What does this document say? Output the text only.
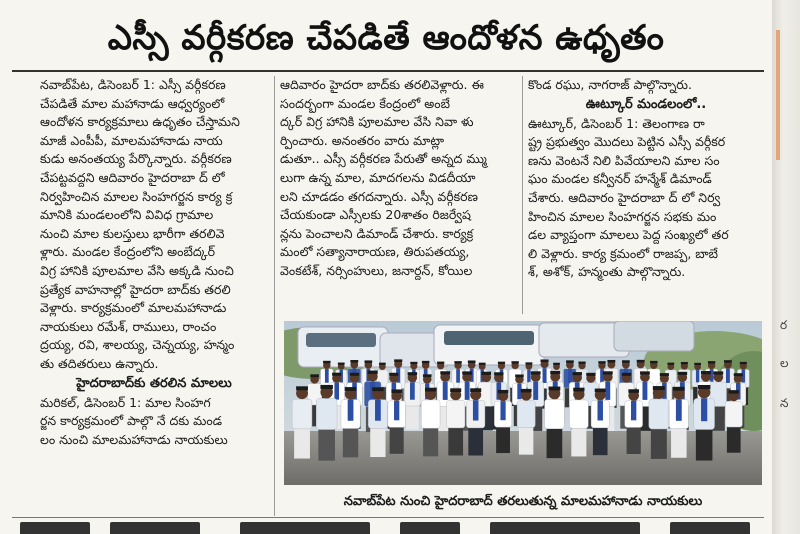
ఎస్సీ వర్గీకరణ చేపడితే ఆందోళన ఉధృతం
నవాబ్‌పేట, డిసెంబర్ 1: ఎస్సీ వర్గీకరణ
చేపడితే మాల మహానాడు ఆధ్వర్యంలో
ఆందోళన కార్యక్రమాలు ఉధృతం చేస్తామని
మాజీ ఎంపీపీ, మాలమహానాడు నాయ
కుడు అనంతయ్య పేర్కొన్నారు. వర్గీకరణ
చేపట్టవద్దని ఆదివారం హైదరాబా ద్ లో
నిర్వహించిన మాలల సింహగర్జన కార్య క్ర
మానికి మండలంలోని వివిధ గ్రామాల
నుంచి మాల కులస్తులు భారీగా తరలివె
ళ్లారు. మండల కేంద్రంలోని అంబేద్కర్
విగ్ర హానికి పూలమాల వేసి అక్కడి నుంచి
ప్రత్యేక వాహనాల్లో హైదరా బాద్‌కు తరలి
వెళ్లారు. కార్యక్రమంలో మాలమహానాడు
నాయకులు రమేశ్, రాములు, రాంచం
ద్రయ్య, రవి, శాలయ్య, చెన్నయ్య, హన్మం
తు తదితరులు ఉన్నారు.
హైదరాబాద్‌కు తరలిన మాలలు
మరికల్, డిసెంబర్ 1: మాల సింహగ
ర్జన కార్యక్రమంలో పాల్గొ నే దకు మండ
లం నుంచి మాలమహానాడు నాయకులు
ఆదివారం హైదరా బాద్‌కు తరలివెళ్లారు. ఈ
సందర్భంగా మండల కేంద్రంలో అంబే
ద్కర్ విగ్ర హానికి పూలమాల వేసి నివా ళు
ర్పించారు. అనంతరం వారు మాట్లా
డుతూ.. ఎస్సీ వర్గీకరణ పేరుతో అన్నద మ్ము
లుగా ఉన్న మాల, మాదగలను విడదీయా
లని చూడడం తగదన్నారు. ఎస్సీ వర్గీకరణ
చేయకుండా ఎస్సీలకు 20శాతం రిజర్వేష
న్లను పెంచాలని డిమాండ్ చేశారు. కార్యక్ర
మంలో సత్యానారాయణ, తిరుపతయ్య,
వెంకటేశ్, నర్సింహులు, జనార్దన్, కోయిల
కొండ రఘు, నాగరాజ్ పాల్గొన్నారు.
ఊట్కూర్ మండలంలో..
ఊట్కూర్, డిసెంబర్ 1: తెలంగాణ రా
ష్ట్ర ప్రభుత్వం మొదలు పెట్టిన ఎస్సీ వర్గీకర
ణను వెంటనే నిలి పివేయాలని మాల సం
ఘం మండల కన్వీనర్ హన్మేశ్ డిమాండ్
చేశారు. ఆదివారం హైదరాబా ద్ లో నిర్వ
హించిన మాలల సింహగర్జన సభకు మం
డల వ్యాప్తంగా మాలలు పెద్ద సంఖ్యలో తర
లి వెళ్లారు. కార్య క్రమంలో రాజప్ప, బాబే
శ్, అశోక్, హన్మంతు పాల్గొన్నారు.
నవాబ్‌పేట నుంచి హైదరాబాద్ తరలుతున్న మాలమహానాడు నాయకులు
ర
ల
న
